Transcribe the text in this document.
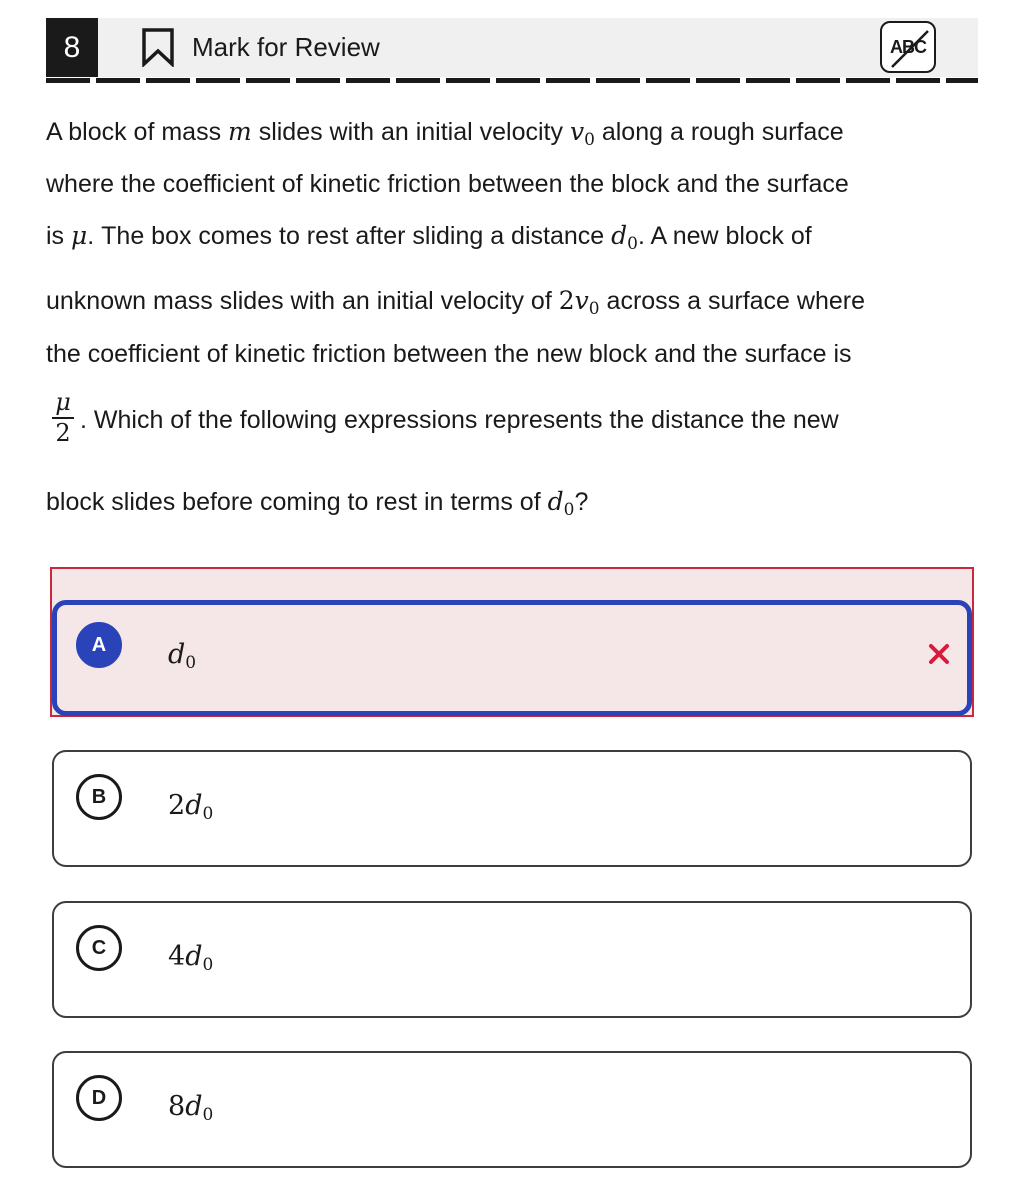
8	Mark for Review	ABC
A block of mass m slides with an initial velocity $v_0$ along a rough surface
where the coefficient of kinetic friction between the block and the surface
is μ. The box comes to rest after sliding a distance $d_0$. A new block of
unknown mass slides with an initial velocity of $2v_0$ across a surface where
the coefficient of kinetic friction between the new block and the surface is
μ
2 . Which of the following expressions represents the distance the new
block slides before coming to rest in terms of $d_0$?
A	d0
B	2d0
C	4d0
D	8d0
